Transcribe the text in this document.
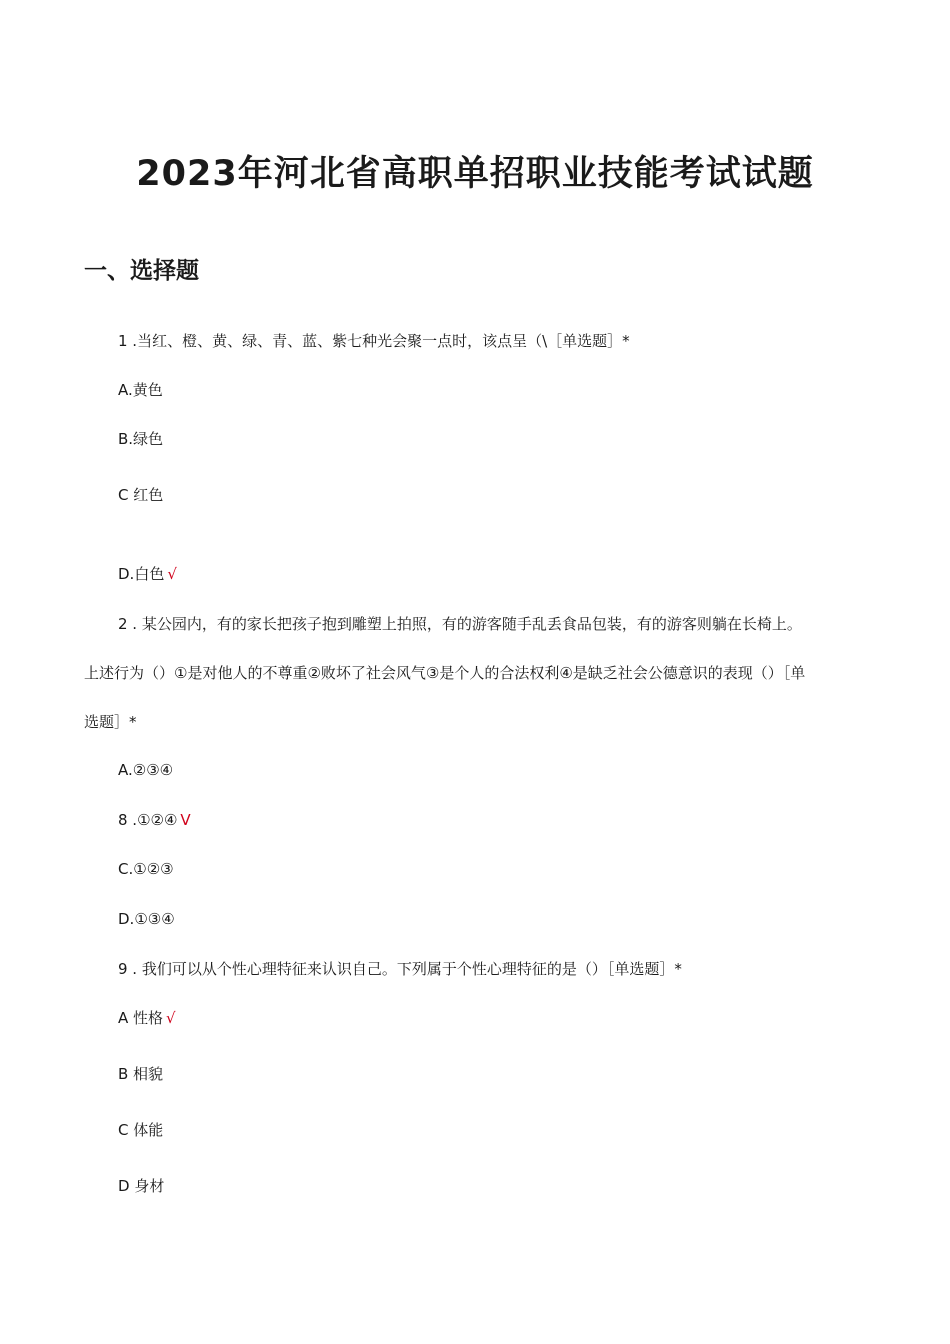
2023年河北省高职单招职业技能考试试题
一、选择题
1 .当红、橙、黄、绿、青、蓝、紫七种光会聚一点时，该点呈（\［单选题］*
A.黄色
B.绿色
C 红色
D.白色 √
2 . 某公园内，有的家长把孩子抱到雕塑上拍照，有的游客随手乱丢食品包装，有的游客则躺在长椅上。
上述行为（）①是对他人的不尊重②败坏了社会风气③是个人的合法权利④是缺乏社会公德意识的表现（）［单
选题］*
A.②③④
8 .①②④ V
C.①②③
D.①③④
9 . 我们可以从个性心理特征来认识自己。下列属于个性心理特征的是（）［单选题］*
A 性格 √
B 相貌
C 体能
D 身材
